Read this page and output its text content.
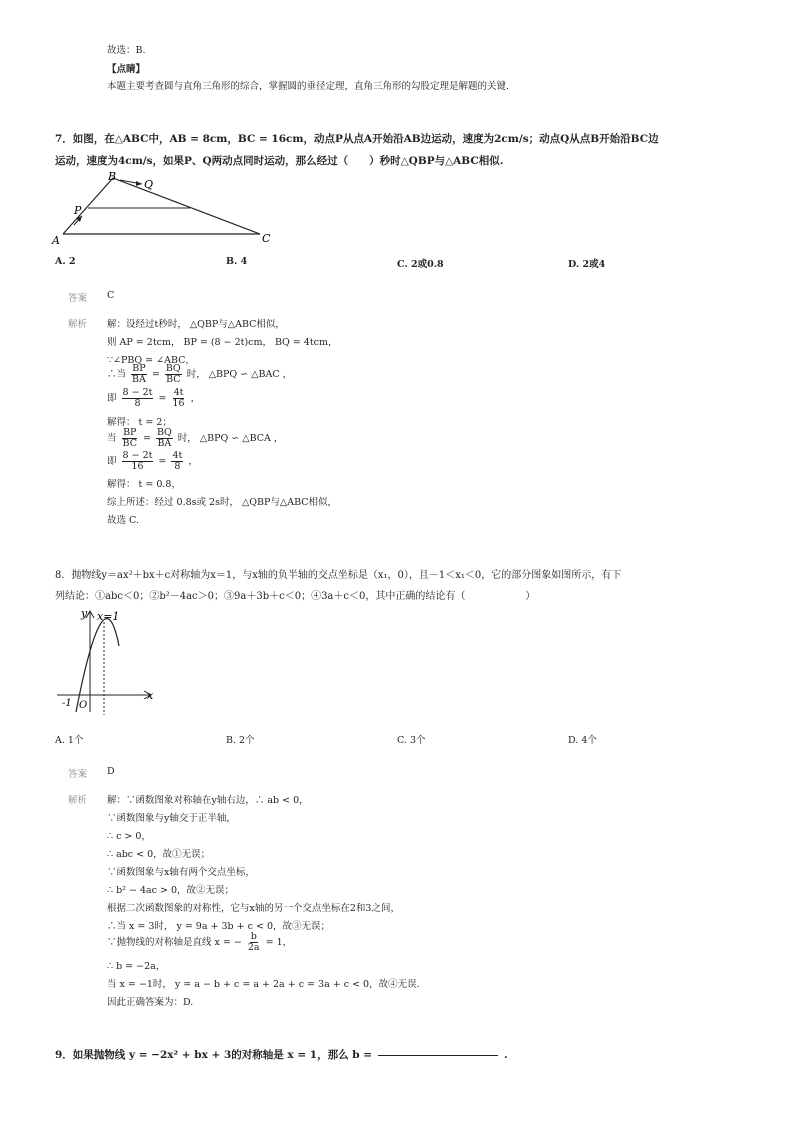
故选：B.
【点睛】
本题主要考查圆与直角三角形的综合，掌握圆的垂径定理，直角三角形的勾股定理是解题的关键.
7．如图，在△ABC中，AB = 8cm，BC = 16cm，动点P从点A开始沿AB边运动，速度为2cm/s；动点Q从点B开始沿BC边
运动，速度为4cm/s，如果P、Q两动点同时运动，那么经过（　　）秒时△QBP与△ABC相似.
B
Q
P
A	C
A. 2	B. 4	C. 2或0.8	D. 2或4
答案 C
解析 解：设经过t秒时， △QBP与△ABC相似，
则 AP = 2tcm， BP = (8 − 2t)cm， BQ = 4tcm，
∵∠PBQ = ∠ABC，
∴当 $\frac{BP}{BA} = \frac{BQ}{BC}$ 时， △BPQ ∽ △BAC ，
即 $\frac{8 - 2t}{8} = \frac{4t}{16}$ ，
解得： t = 2；
当 $\frac{BP}{BC} = \frac{BQ}{BA}$ 时， △BPQ ∽ △BCA ，
即 $\frac{8 - 2t}{16} = \frac{4t}{8}$ ，
解得： t = 0.8，
综上所述：经过 0.8s或 2s时， △QBP与△ABC相似，
故选 C.
8．抛物线y＝ax²＋bx＋c对称轴为x＝1，与x轴的负半轴的交点坐标是（x₁，0），且－1＜x₁＜0，它的部分图象如图所示，有下
列结论：①abc＜0；②b²－4ac＞0；③9a＋3b＋c＜0；④3a＋c＜0，其中正确的结论有（　　　　　　）
y x=1
x
-1 O
A. 1个	B. 2个	C. 3个	D. 4个
答案 D
解析 解：∵函数图象对称轴在y轴右边，∴ ab < 0，
∵函数图象与y轴交于正半轴，
∴ c > 0，
∴ abc < 0，故①无误；
∵函数图象与x轴有两个交点坐标，
∴ b² − 4ac > 0，故②无误；
根据二次函数图象的对称性，它与x轴的另一个交点坐标在2和3之间，
∴当 x = 3时， y = 9a + 3b + c < 0，故③无误；
∵抛物线的对称轴是直线 x = − $\frac{b}{2a} = 1$，
∴ b = −2a，
当 x = −1时， y = a − b + c = a + 2a + c = 3a + c < 0，故④无误.
因此正确答案为：D.
9．如果抛物线 y = −2x² + bx + 3的对称轴是 x = 1，那么 b =	.
